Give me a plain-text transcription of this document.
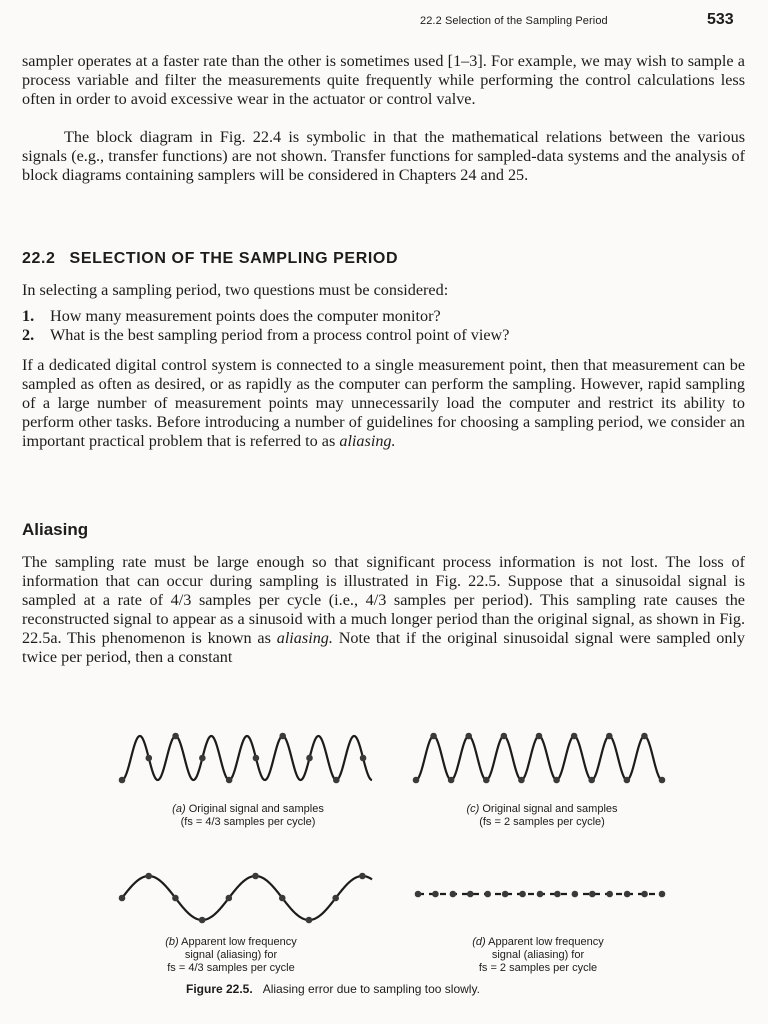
22.2 Selection of the Sampling Period	533

sampler operates at a faster rate than the other is sometimes used [1–3]. For example, we may wish to sample a process variable and filter the measurements quite frequently while performing the control calculations less often in order to avoid excessive wear in the actuator or control valve.

The block diagram in Fig. 22.4 is symbolic in that the mathematical relations between the various signals (e.g., transfer functions) are not shown. Transfer functions for sampled-data systems and the analysis of block diagrams containing samplers will be considered in Chapters 24 and 25.

22.2 SELECTION OF THE SAMPLING PERIOD

In selecting a sampling period, two questions must be considered:

1. How many measurement points does the computer monitor?
2. What is the best sampling period from a process control point of view?

If a dedicated digital control system is connected to a single measurement point, then that measurement can be sampled as often as desired, or as rapidly as the computer can perform the sampling. However, rapid sampling of a large number of measurement points may unnecessarily load the computer and restrict its ability to perform other tasks. Before introducing a number of guidelines for choosing a sampling period, we consider an important practical problem that is referred to as aliasing.

Aliasing

The sampling rate must be large enough so that significant process information is not lost. The loss of information that can occur during sampling is illustrated in Fig. 22.5. Suppose that a sinusoidal signal is sampled at a rate of 4/3 samples per cycle (i.e., 4/3 samples per period). This sampling rate causes the reconstructed signal to appear as a sinusoid with a much longer period than the original signal, as shown in Fig. 22.5a. This phenomenon is known as aliasing. Note that if the original sinusoidal signal were sampled only twice per period, then a constant

(a) Original signal and samples
(fs = 4/3 samples per cycle)
(c) Original signal and samples
(fs = 2 samples per cycle)
(b) Apparent low frequency
signal (aliasing) for
fs = 4/3 samples per cycle
(d) Apparent low frequency
signal (aliasing) for
fs = 2 samples per cycle
Figure 22.5. Aliasing error due to sampling too slowly.
